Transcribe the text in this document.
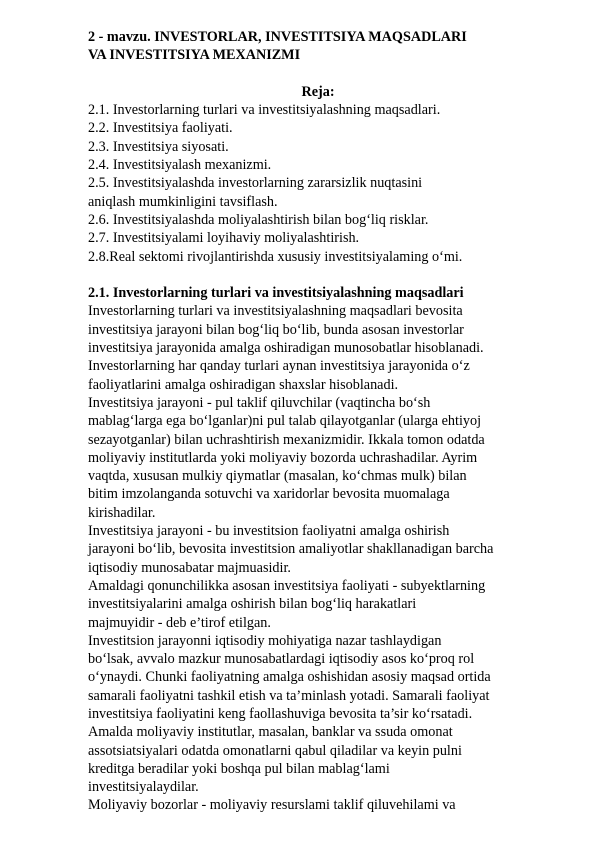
2 - mavzu. INVESTORLAR, INVESTITSIYA MAQSADLARI
VA INVESTITSIYA MEXANIZMI
Reja:
2.1. Investorlarning turlari va investitsiyalashning maqsadlari.
2.2. Investitsiya faoliyati.
2.3. Investitsiya siyosati.
2.4. Investitsiyalash mexanizmi.
2.5. Investitsiyalashda investorlarning zararsizlik nuqtasini
aniqlash mumkinligini tavsiflash.
2.6. Investitsiyalashda moliyalashtirish bilan bog‘liq risklar.
2.7. Investitsiyalami loyihaviy moliyalashtirish.
2.8.Real sektomi rivojlantirishda xususiy investitsiyalaming o‘mi.
2.1. Investorlarning turlari va investitsiyalashning maqsadlari
Investorlarning turlari va investitsiyalashning maqsadlari bevosita
investitsiya jarayoni bilan bog‘liq bo‘lib, bunda asosan investorlar
investitsiya jarayonida amalga oshiradigan munosobatlar hisoblanadi.
Investorlarning har qanday turlari aynan investitsiya jarayonida o‘z
faoliyatlarini amalga oshiradigan shaxslar hisoblanadi.
Investitsiya jarayoni - pul taklif qiluvchilar (vaqtincha bo‘sh
mablag‘larga ega bo‘lganlar)ni pul talab qilayotganlar (ularga ehtiyoj
sezayotganlar) bilan uchrashtirish mexanizmidir. Ikkala tomon odatda
moliyaviy institutlarda yoki moliyaviy bozorda uchrashadilar. Ayrim
vaqtda, xususan mulkiy qiymatlar (masalan, ko‘chmas mulk) bilan
bitim imzolanganda sotuvchi va xaridorlar bevosita muomalaga
kirishadilar.
Investitsiya jarayoni - bu investitsion faoliyatni amalga oshirish
jarayoni bo‘lib, bevosita investitsion amaliyotlar shakllanadigan barcha
iqtisodiy munosabatar majmuasidir.
Amaldagi qonunchilikka asosan investitsiya faoliyati - subyektlarning
investitsiyalarini amalga oshirish bilan bog‘liq harakatlari
majmuyidir - deb e’tirof etilgan.
Investitsion jarayonni iqtisodiy mohiyatiga nazar tashlaydigan
bo‘lsak, avvalo mazkur munosabatlardagi iqtisodiy asos ko‘proq rol
o‘ynaydi. Chunki faoliyatning amalga oshishidan asosiy maqsad ortida
samarali faoliyatni tashkil etish va ta’minlash yotadi. Samarali faoliyat
investitsiya faoliyatini keng faollashuviga bevosita ta’sir ko‘rsatadi.
Amalda moliyaviy institutlar, masalan, banklar va ssuda omonat
assotsiatsiyalari odatda omonatlarni qabul qiladilar va keyin pulni
kreditga beradilar yoki boshqa pul bilan mablag‘lami
investitsiyalaydilar.
Moliyaviy bozorlar - moliyaviy resurslami taklif qiluvehilami va
